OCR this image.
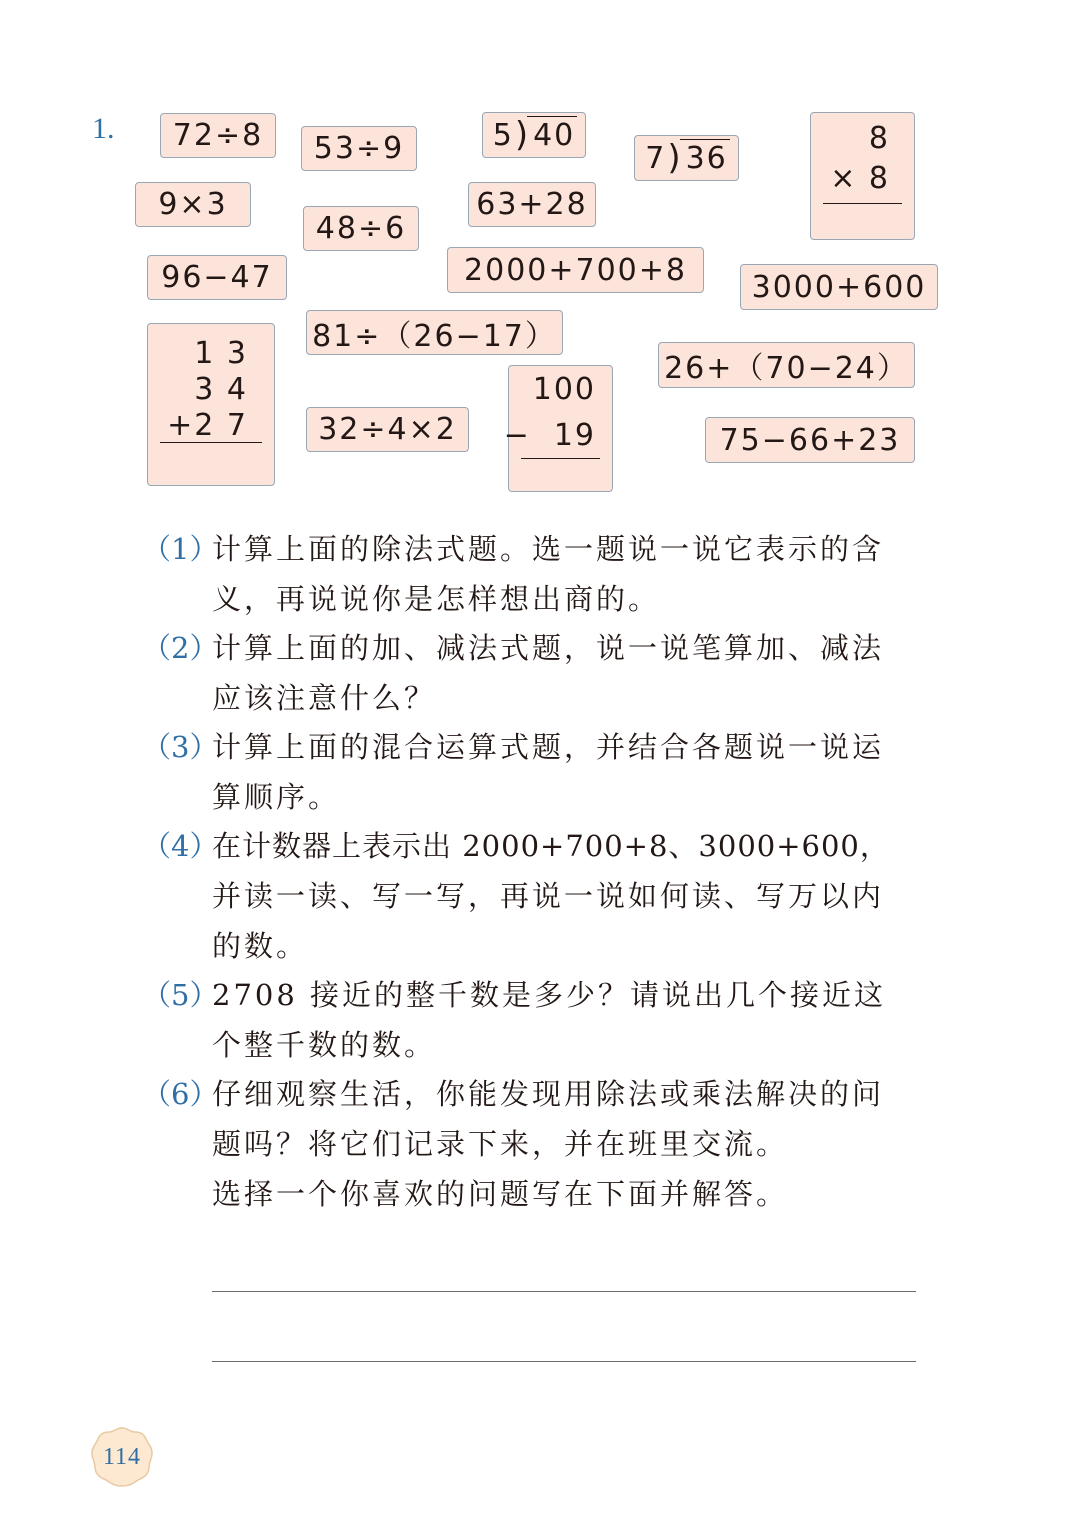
1.	72÷8	53÷9	5 ) 40
7 ) 36
8
× 8
9×3
48÷6
63+28
96−47	2000+700+8	3000+600
1 3
3 4
+2 7
81÷（26−17）
26+（70−24）
100
−  19
32÷4×2	75−66+23
（1）
计算上面的除法式题。选一题说一说它表示的含
义，再说说你是怎样想出商的。
（2）
计算上面的加、减法式题，说一说笔算加、减法
应该注意什么？
（3）
计算上面的混合运算式题，并结合各题说一说运
算顺序。
（4）
在计数器上表示出 2000+700+8、3000+600，
并读一读、写一写，再说一说如何读、写万以内
的数。
（5）
2708 接近的整千数是多少？请说出几个接近这
个整千数的数。
（6）
仔细观察生活，你能发现用除法或乘法解决的问
题吗？将它们记录下来，并在班里交流。
选择一个你喜欢的问题写在下面并解答。
114
